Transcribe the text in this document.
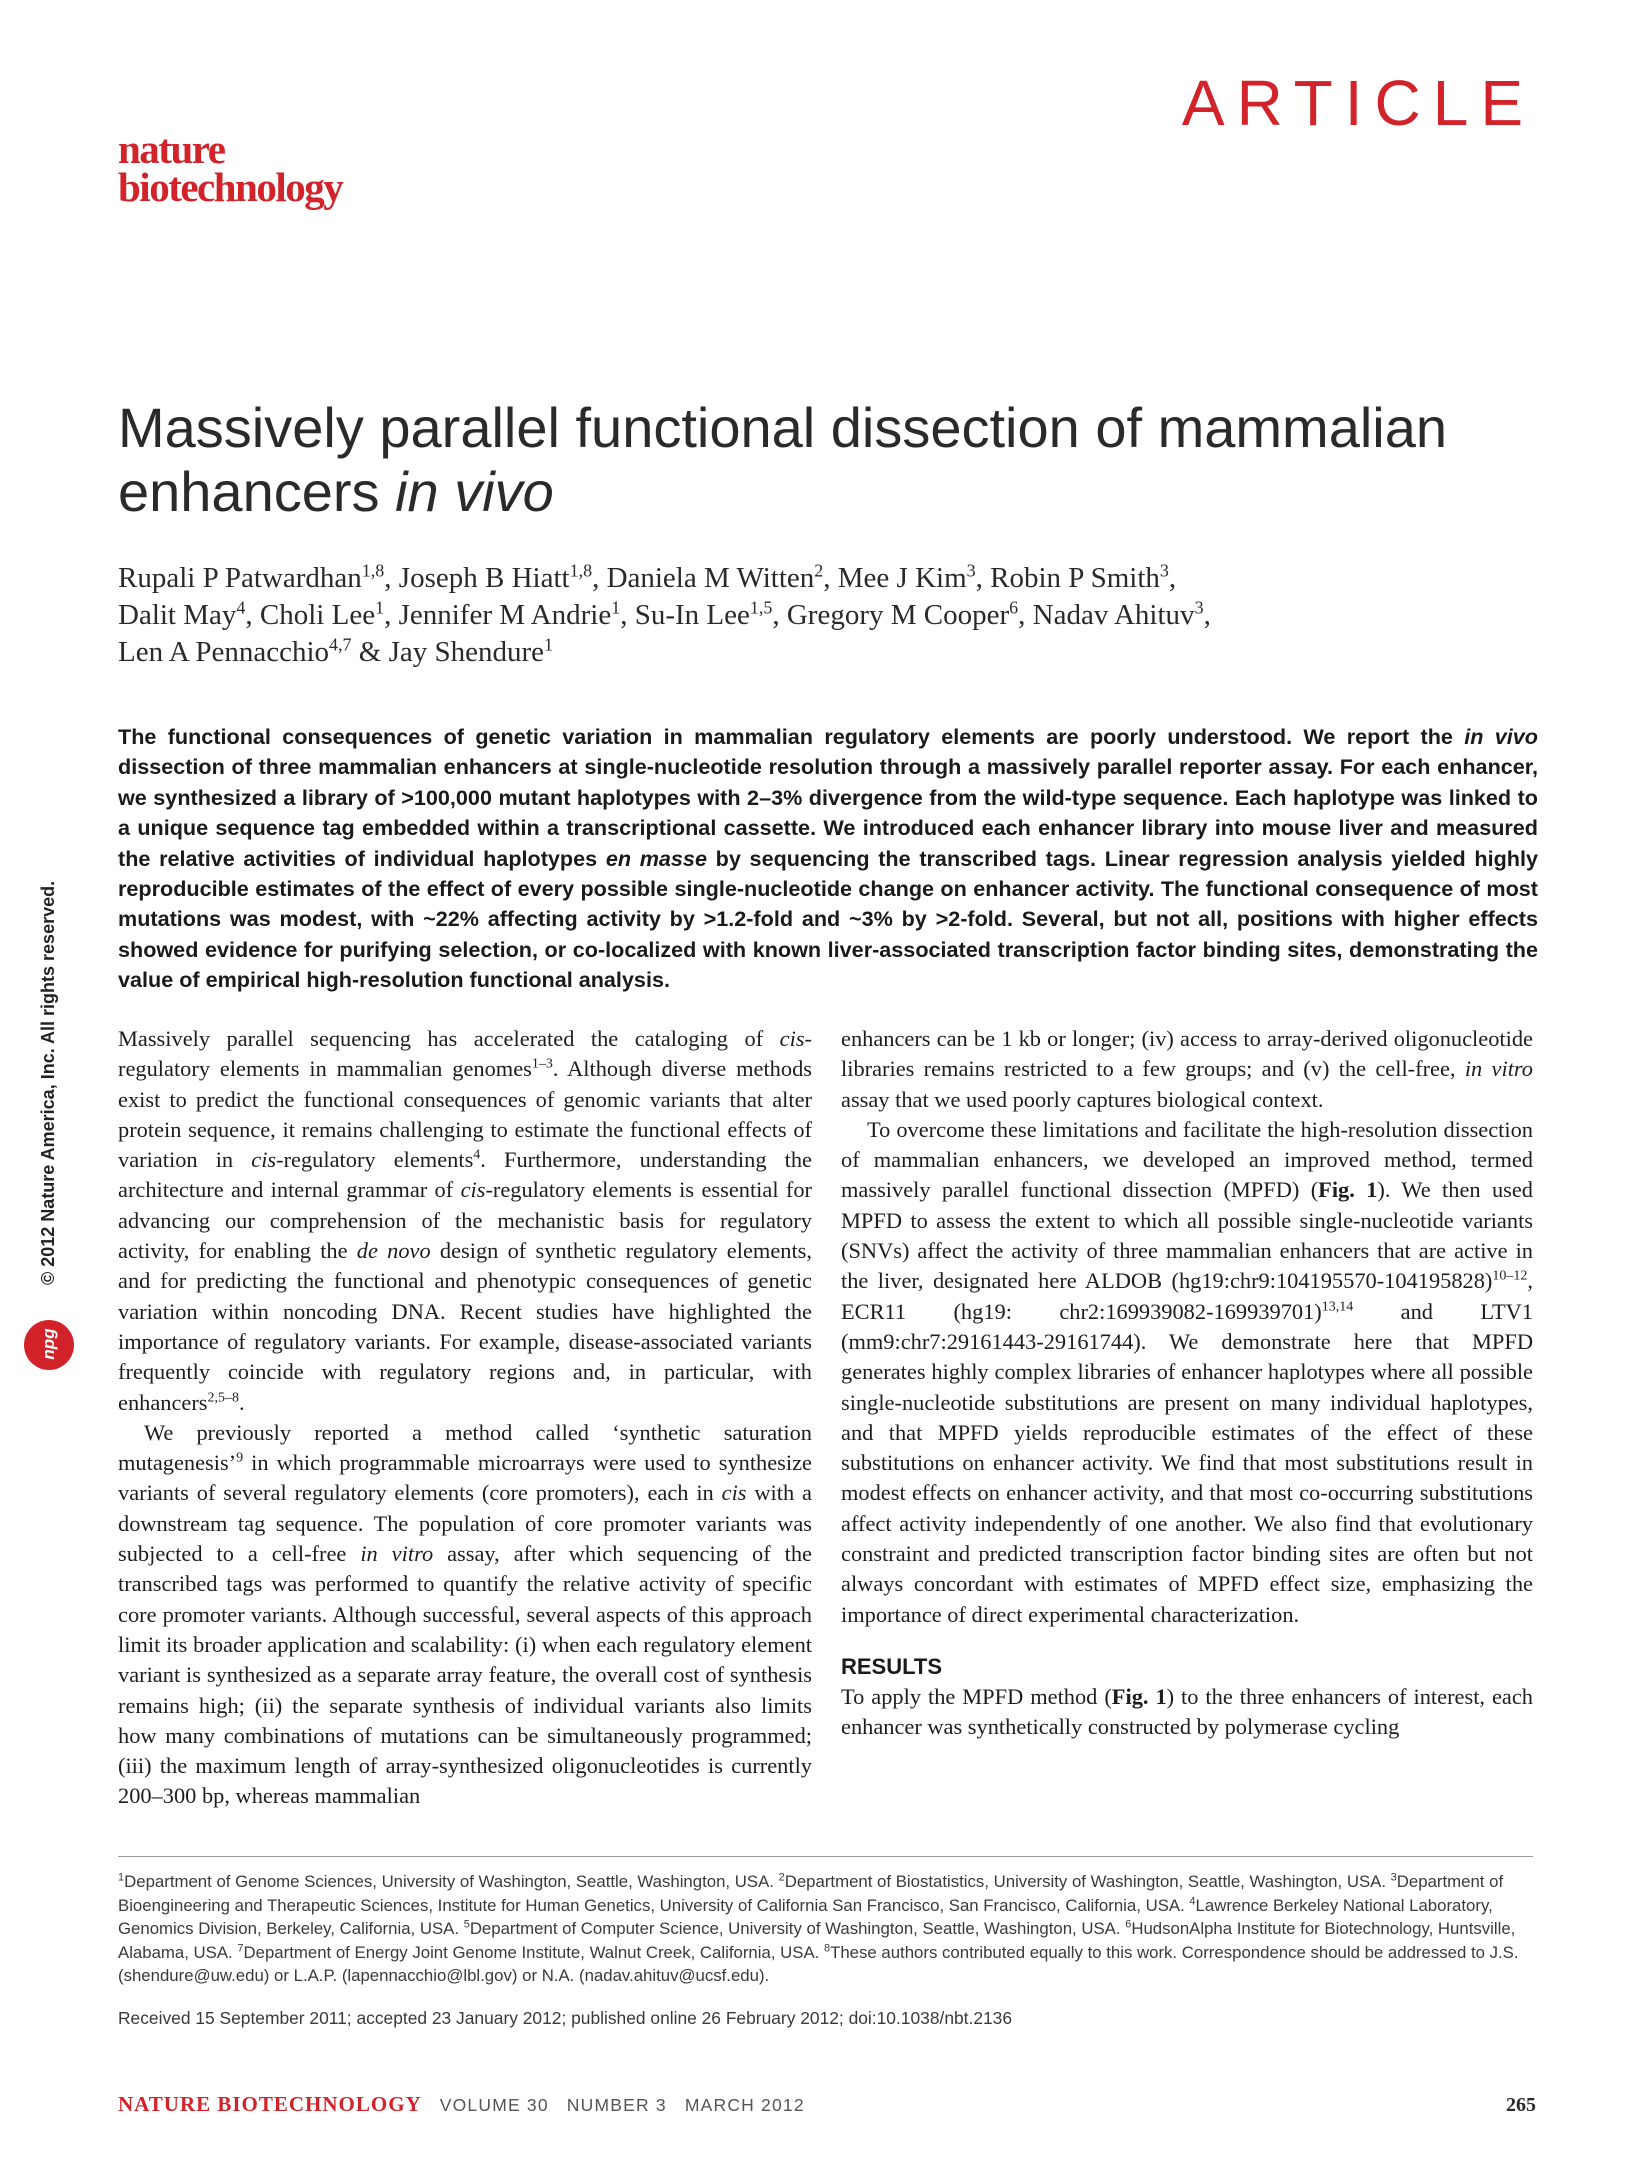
ARTICLE
nature
biotechnology
© 2012 Nature America, Inc. All rights reserved.
npg
Massively parallel functional dissection of mammalian enhancers in vivo
Rupali P Patwardhan$^{1,8}$, Joseph B Hiatt$^{1,8}$, Daniela M Witten$^2$, Mee J Kim$^3$, Robin P Smith$^3$,
Dalit May$^4$, Choli Lee$^1$, Jennifer M Andrie$^1$, Su-In Lee$^{1,5}$, Gregory M Cooper$^6$, Nadav Ahituv$^3$,
Len A Pennacchio$^{4,7}$ & Jay Shendure$^1$
The functional consequences of genetic variation in mammalian regulatory elements are poorly understood. We report the in vivo dissection of three mammalian enhancers at single-nucleotide resolution through a massively parallel reporter assay. For each enhancer, we synthesized a library of >100,000 mutant haplotypes with 2–3% divergence from the wild-type sequence. Each haplotype was linked to a unique sequence tag embedded within a transcriptional cassette. We introduced each enhancer library into mouse liver and measured the relative activities of individual haplotypes en masse by sequencing the transcribed tags. Linear regression analysis yielded highly reproducible estimates of the effect of every possible single-nucleotide change on enhancer activity. The functional consequence of most mutations was modest, with ~22% affecting activity by >1.2-fold and ~3% by >2-fold. Several, but not all, positions with higher effects showed evidence for purifying selection, or co-localized with known liver-associated transcription factor binding sites, demonstrating the value of empirical high-resolution functional analysis.

Massively parallel sequencing has accelerated the cataloging of cis-regulatory elements in mammalian genomes$^{1-3}$. Although diverse methods exist to predict the functional consequences of genomic variants that alter protein sequence, it remains challenging to estimate the functional effects of variation in cis-regulatory elements$^4$. Furthermore, understanding the architecture and internal grammar of cis-regulatory elements is essential for advancing our comprehension of the mechanistic basis for regulatory activity, for enabling the de novo design of synthetic regulatory elements, and for predicting the functional and phenotypic consequences of genetic variation within noncoding DNA. Recent studies have highlighted the importance of regulatory variants. For example, disease-associated variants frequently coincide with regulatory regions and, in particular, with enhancers$^{2,5-8}$.

We previously reported a method called ‘synthetic saturation mutagenesis’$^9$ in which programmable microarrays were used to synthesize variants of several regulatory elements (core promoters), each in cis with a downstream tag sequence. The population of core promoter variants was subjected to a cell-free in vitro assay, after which sequencing of the transcribed tags was performed to quantify the relative activity of specific core promoter variants. Although successful, several aspects of this approach limit its broader application and scalability: (i) when each regulatory element variant is synthesized as a separate array feature, the overall cost of synthesis remains high; (ii) the separate synthesis of individual variants also limits how many combinations of mutations can be simultaneously programmed; (iii) the maximum length of array-synthesized oligonucleotides is currently 200–300 bp, whereas mammalian

enhancers can be 1 kb or longer; (iv) access to array-derived oligonucleotide libraries remains restricted to a few groups; and (v) the cell-free, in vitro assay that we used poorly captures biological context.

To overcome these limitations and facilitate the high-resolution dissection of mammalian enhancers, we developed an improved method, termed massively parallel functional dissection (MPFD) (Fig. 1). We then used MPFD to assess the extent to which all possible single-nucleotide variants (SNVs) affect the activity of three mammalian enhancers that are active in the liver, designated here ALDOB (hg19:chr9:104195570-104195828)$^{10-12}$, ECR11 (hg19: chr2:169939082-169939701)$^{13,14}$ and LTV1 (mm9:chr7:29161443-29161744). We demonstrate here that MPFD generates highly complex libraries of enhancer haplotypes where all possible single-nucleotide substitutions are present on many individual haplotypes, and that MPFD yields reproducible estimates of the effect of these substitutions on enhancer activity. We find that most substitutions result in modest effects on enhancer activity, and that most co-occurring substitutions affect activity independently of one another. We also find that evolutionary constraint and predicted transcription factor binding sites are often but not always concordant with estimates of MPFD effect size, emphasizing the importance of direct experimental characterization.

RESULTS

To apply the MPFD method (Fig. 1) to the three enhancers of interest, each enhancer was synthetically constructed by polymerase cycling

$^1$Department of Genome Sciences, University of Washington, Seattle, Washington, USA. $^2$Department of Biostatistics, University of Washington, Seattle, Washington, USA. $^3$Department of Bioengineering and Therapeutic Sciences, Institute for Human Genetics, University of California San Francisco, San Francisco, California, USA. $^4$Lawrence Berkeley National Laboratory, Genomics Division, Berkeley, California, USA. $^5$Department of Computer Science, University of Washington, Seattle, Washington, USA. $^6$HudsonAlpha Institute for Biotechnology, Huntsville, Alabama, USA. $^7$Department of Energy Joint Genome Institute, Walnut Creek, California, USA. $^8$These authors contributed equally to this work. Correspondence should be addressed to J.S. (shendure@uw.edu) or L.A.P. (lapennacchio@lbl.gov) or N.A. (nadav.ahituv@ucsf.edu).
Received 15 September 2011; accepted 23 January 2012; published online 26 February 2012; doi:10.1038/nbt.2136
NATURE BIOTECHNOLOGY VOLUME 30 NUMBER 3 MARCH 2012	265
